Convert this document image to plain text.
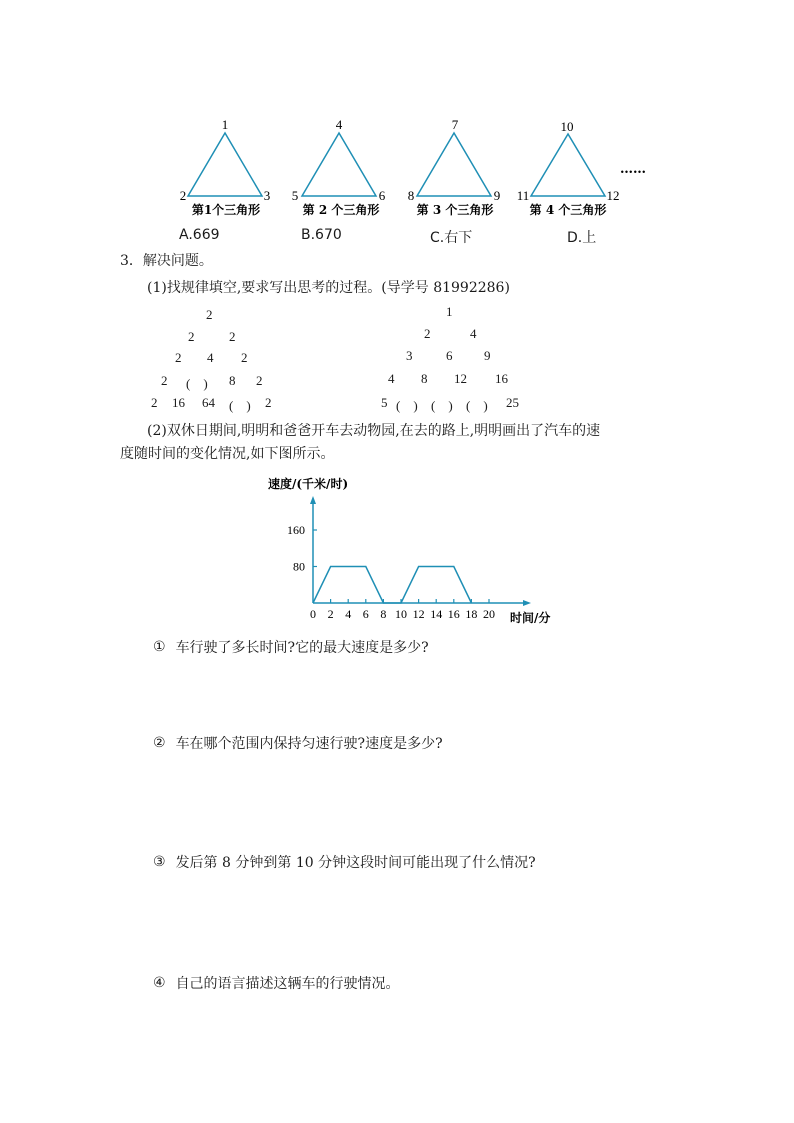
1
2	3
第1个三角形
4
5	6
第 2 个三角形
7
8	9
第 3 个三角形
10
11	12
第 4 个三角形
……
A.669	B.670	C.右下	D.上
3．解决问题。
(1)找规律填空,要求写出思考的过程。(导学号 81992286)
2
2	2
2 4 2
2 (　) 8 2
2 16 64 (　) 2
1
2	4
3	6 9
4 8 12 16
5 (　) (　) (　) 25
(2)双休日期间,明明和爸爸开车去动物园,在去的路上,明明画出了汽车的速
度随时间的变化情况,如下图所示。
0 2 4 6 8 10 12 14 16 18 20
80
160
速度/(千米/时)
时间/分
① 车行驶了多长时间?它的最大速度是多少?
② 车在哪个范围内保持匀速行驶?速度是多少?
③ 发后第 8 分钟到第 10 分钟这段时间可能出现了什么情况?
④ 自己的语言描述这辆车的行驶情况。
